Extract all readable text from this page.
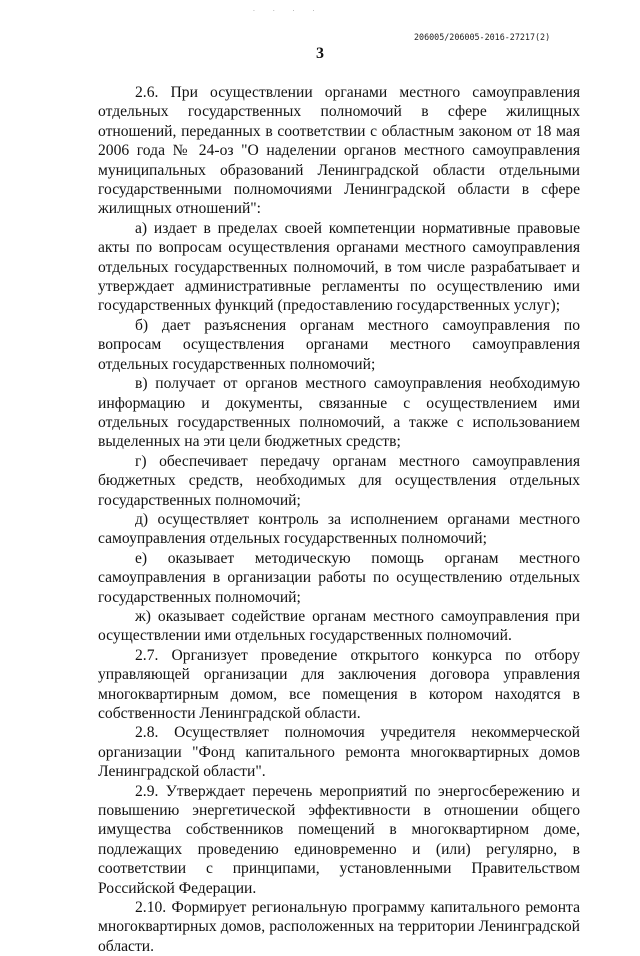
. . . .
206005/206005-2016-27217(2)
3

2.6. При осуществлении органами местного самоуправления отдельных государственных полномочий в сфере жилищных отношений, переданных в соответствии с областным законом от 18 мая 2006 года № 24-оз "О наделении органов местного самоуправления муниципальных образований Ленинградской области отдельными государственными полномочиями Ленинградской области в сфере жилищных отношений":

а) издает в пределах своей компетенции нормативные правовые акты по вопросам осуществления органами местного самоуправления отдельных государственных полномочий, в том числе разрабатывает и утверждает административные регламенты по осуществлению ими государственных функций (предоставлению государственных услуг);

б) дает разъяснения органам местного самоуправления по вопросам осуществления органами местного самоуправления отдельных государственных полномочий;

в) получает от органов местного самоуправления необходимую информацию и документы, связанные с осуществлением ими отдельных государственных полномочий, а также с использованием выделенных на эти цели бюджетных средств;

г) обеспечивает передачу органам местного самоуправления бюджетных средств, необходимых для осуществления отдельных государственных полномочий;

д) осуществляет контроль за исполнением органами местного самоуправления отдельных государственных полномочий;

е) оказывает методическую помощь органам местного самоуправления в организации работы по осуществлению отдельных государственных полномочий;

ж) оказывает содействие органам местного самоуправления при осуществлении ими отдельных государственных полномочий.

2.7. Организует проведение открытого конкурса по отбору управляющей организации для заключения договора управления многоквартирным домом, все помещения в котором находятся в собственности Ленинградской области.

2.8. Осуществляет полномочия учредителя некоммерческой организации "Фонд капитального ремонта многоквартирных домов Ленинградской области".

2.9. Утверждает перечень мероприятий по энергосбережению и повышению энергетической эффективности в отношении общего имущества собственников помещений в многоквартирном доме, подлежащих проведению единовременно и (или) регулярно, в соответствии с принципами, установленными Правительством Российской Федерации.

2.10. Формирует региональную программу капитального ремонта многоквартирных домов, расположенных на территории Ленинградской области.
